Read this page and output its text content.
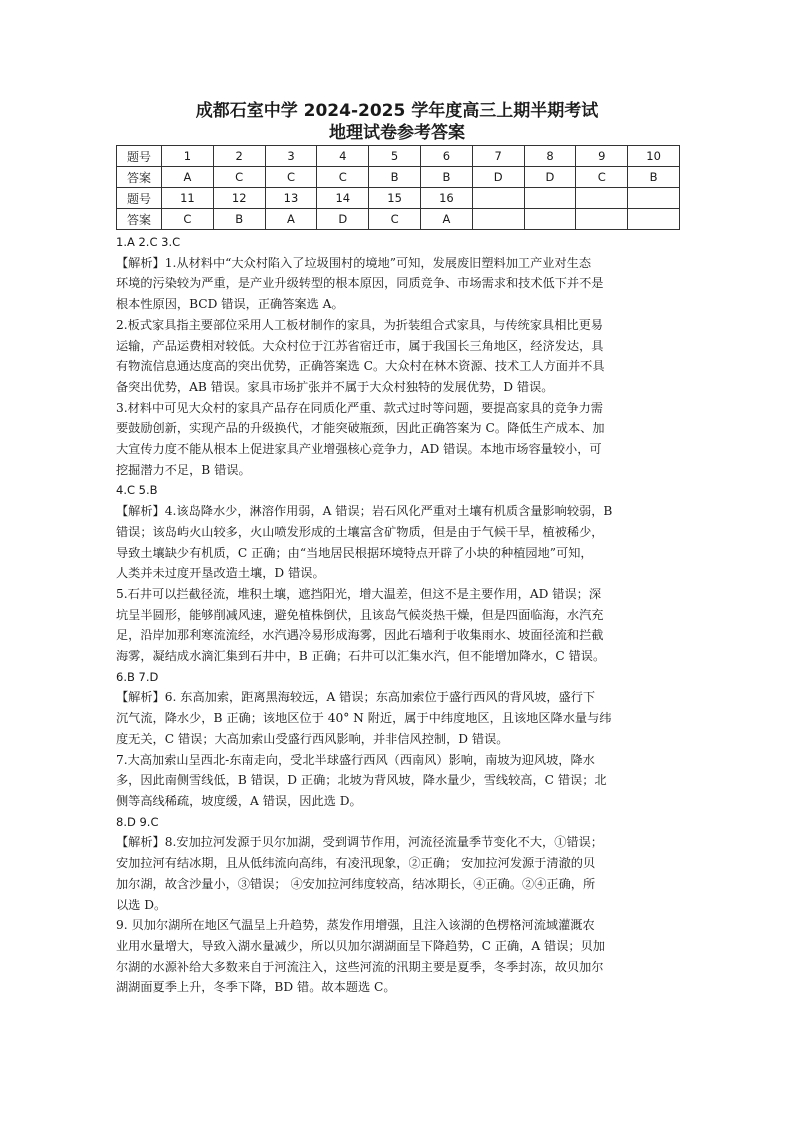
成都石室中学 2024-2025 学年度高三上期半期考试
地理试卷参考答案
题号	1	2	3	4	5	6	7	8	9	10
答案	A	C	C	C	B	B	D	D	C	B
题号	11	12	13	14	15	16				
答案	C	B	A	D	C	A				

1.A 2.C 3.C

【解析】1.从材料中“大众村陷入了垃圾围村的境地”可知，发展废旧塑料加工产业对生态

环境的污染较为严重，是产业升级转型的根本原因，同质竞争、市场需求和技术低下并不是

根本性原因，BCD 错误，正确答案选 A。

2.板式家具指主要部位采用人工板材制作的家具，为折装组合式家具，与传统家具相比更易

运输，产品运费相对较低。大众村位于江苏省宿迁市，属于我国长三角地区，经济发达，具

有物流信息通达度高的突出优势，正确答案选 C。大众村在林木资源、技术工人方面并不具

备突出优势，AB 错误。家具市场扩张并不属于大众村独特的发展优势，D 错误。

3.材料中可见大众村的家具产品存在同质化严重、款式过时等问题，要提高家具的竞争力需

要鼓励创新，实现产品的升级换代，才能突破瓶颈，因此正确答案为 C。降低生产成本、加

大宣传力度不能从根本上促进家具产业增强核心竞争力，AD 错误。本地市场容量较小，可

挖掘潜力不足，B 错误。

4.C 5.B

【解析】4.该岛降水少，淋溶作用弱，A 错误；岩石风化严重对土壤有机质含量影响较弱，B

错误；该岛屿火山较多，火山喷发形成的土壤富含矿物质，但是由于气候干旱，植被稀少，

导致土壤缺少有机质，C 正确；由“当地居民根据环境特点开辟了小块的种植园地”可知，

人类并未过度开垦改造土壤，D 错误。

5.石井可以拦截径流，堆积土壤，遮挡阳光，增大温差，但这不是主要作用，AD 错误；深

坑呈半圆形，能够削减风速，避免植株倒伏，且该岛气候炎热干燥，但是四面临海，水汽充

足，沿岸加那利寒流流经，水汽遇冷易形成海雾，因此石墙利于收集雨水、坡面径流和拦截

海雾，凝结成水滴汇集到石井中，B 正确；石井可以汇集水汽，但不能增加降水，C 错误。

6.B 7.D

【解析】6. 东高加索，距离黑海较远，A 错误；东高加索位于盛行西风的背风坡，盛行下

沉气流，降水少，B 正确；该地区位于 40° N 附近，属于中纬度地区，且该地区降水量与纬

度无关，C 错误；大高加索山受盛行西风影响，并非信风控制，D 错误。

7.大高加索山呈西北-东南走向，受北半球盛行西风（西南风）影响，南坡为迎风坡，降水

多，因此南侧雪线低，B 错误，D 正确；北坡为背风坡，降水量少，雪线较高，C 错误；北

侧等高线稀疏，坡度缓，A 错误，因此选 D。

8.D 9.C

【解析】8.安加拉河发源于贝尔加湖，受到调节作用，河流径流量季节变化不大，①错误；

安加拉河有结冰期，且从低纬流向高纬，有凌汛现象，②正确； 安加拉河发源于清澈的贝

加尔湖，故含沙量小，③错误； ④安加拉河纬度较高，结冰期长，④正确。②④正确，所

以选 D。

9. 贝加尔湖所在地区气温呈上升趋势，蒸发作用增强，且注入该湖的色楞格河流域灌溉农

业用水量增大，导致入湖水量减少，所以贝加尔湖湖面呈下降趋势，C 正确，A 错误；贝加

尔湖的水源补给大多数来自于河流注入，这些河流的汛期主要是夏季，冬季封冻，故贝加尔

湖湖面夏季上升，冬季下降，BD 错。故本题选 C。
